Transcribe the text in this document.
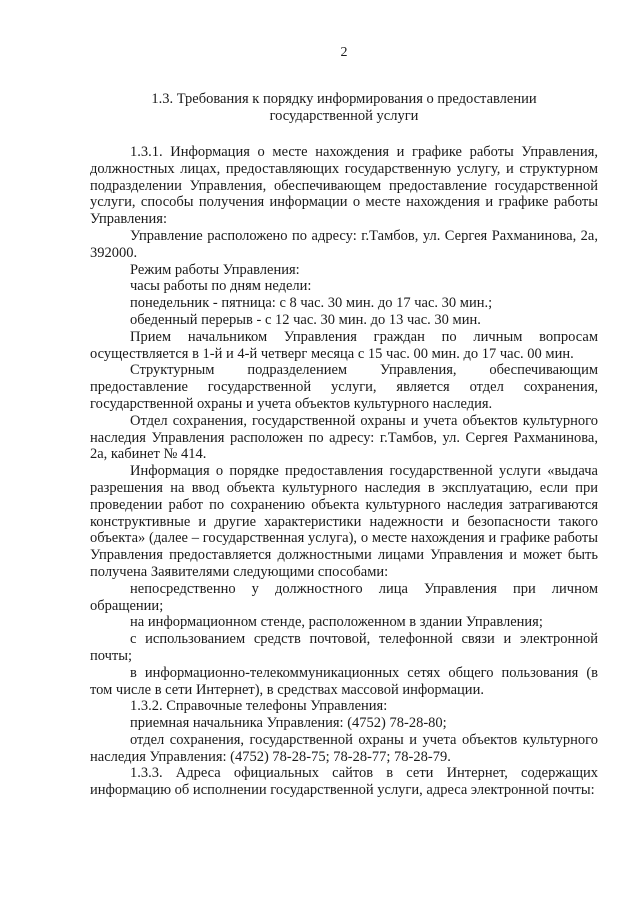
2
1.3. Требования к порядку информирования о предоставлении государственной услуги

1.3.1. Информация о месте нахождения и графике работы Управления, должностных лицах, предоставляющих государственную услугу, и структурном подразделении Управления, обеспечивающем предоставление государственной услуги, способы получения информации о месте нахождения и графике работы Управления:

Управление расположено по адресу: г.Тамбов, ул. Сергея Рахманинова, 2а, 392000.

Режим работы Управления:

часы работы по дням недели:

понедельник - пятница: с 8 час. 30 мин. до 17 час. 30 мин.;

обеденный перерыв - с 12 час. 30 мин. до 13 час. 30 мин.

Прием начальником Управления граждан по личным вопросам осуществляется в 1-й и 4-й четверг месяца с 15 час. 00 мин. до 17 час. 00 мин.

Структурным подразделением Управления, обеспечивающим предоставление государственной услуги, является отдел сохранения, государственной охраны и учета объектов культурного наследия.

Отдел сохранения, государственной охраны и учета объектов культурного наследия Управления расположен по адресу: г.Тамбов, ул. Сергея Рахманинова, 2а, кабинет № 414.

Информация о порядке предоставления государственной услуги «выдача разрешения на ввод объекта культурного наследия в эксплуатацию, если при проведении работ по сохранению объекта культурного наследия затрагиваются конструктивные и другие характеристики надежности и безопасности такого объекта» (далее – государственная услуга), о месте нахождения и графике работы Управления предоставляется должностными лицами Управления и может быть получена Заявителями следующими способами:

непосредственно у должностного лица Управления при личном обращении;

на информационном стенде, расположенном в здании Управления;

с использованием средств почтовой, телефонной связи и электронной почты;

в информационно-телекоммуникационных сетях общего пользования (в том числе в сети Интернет), в средствах массовой информации.

1.3.2. Справочные телефоны Управления:

приемная начальника Управления: (4752) 78-28-80;

отдел сохранения, государственной охраны и учета объектов культурного наследия Управления: (4752) 78-28-75; 78-28-77; 78-28-79.

1.3.3. Адреса официальных сайтов в сети Интернет, содержащих информацию об исполнении государственной услуги, адреса электронной почты:
